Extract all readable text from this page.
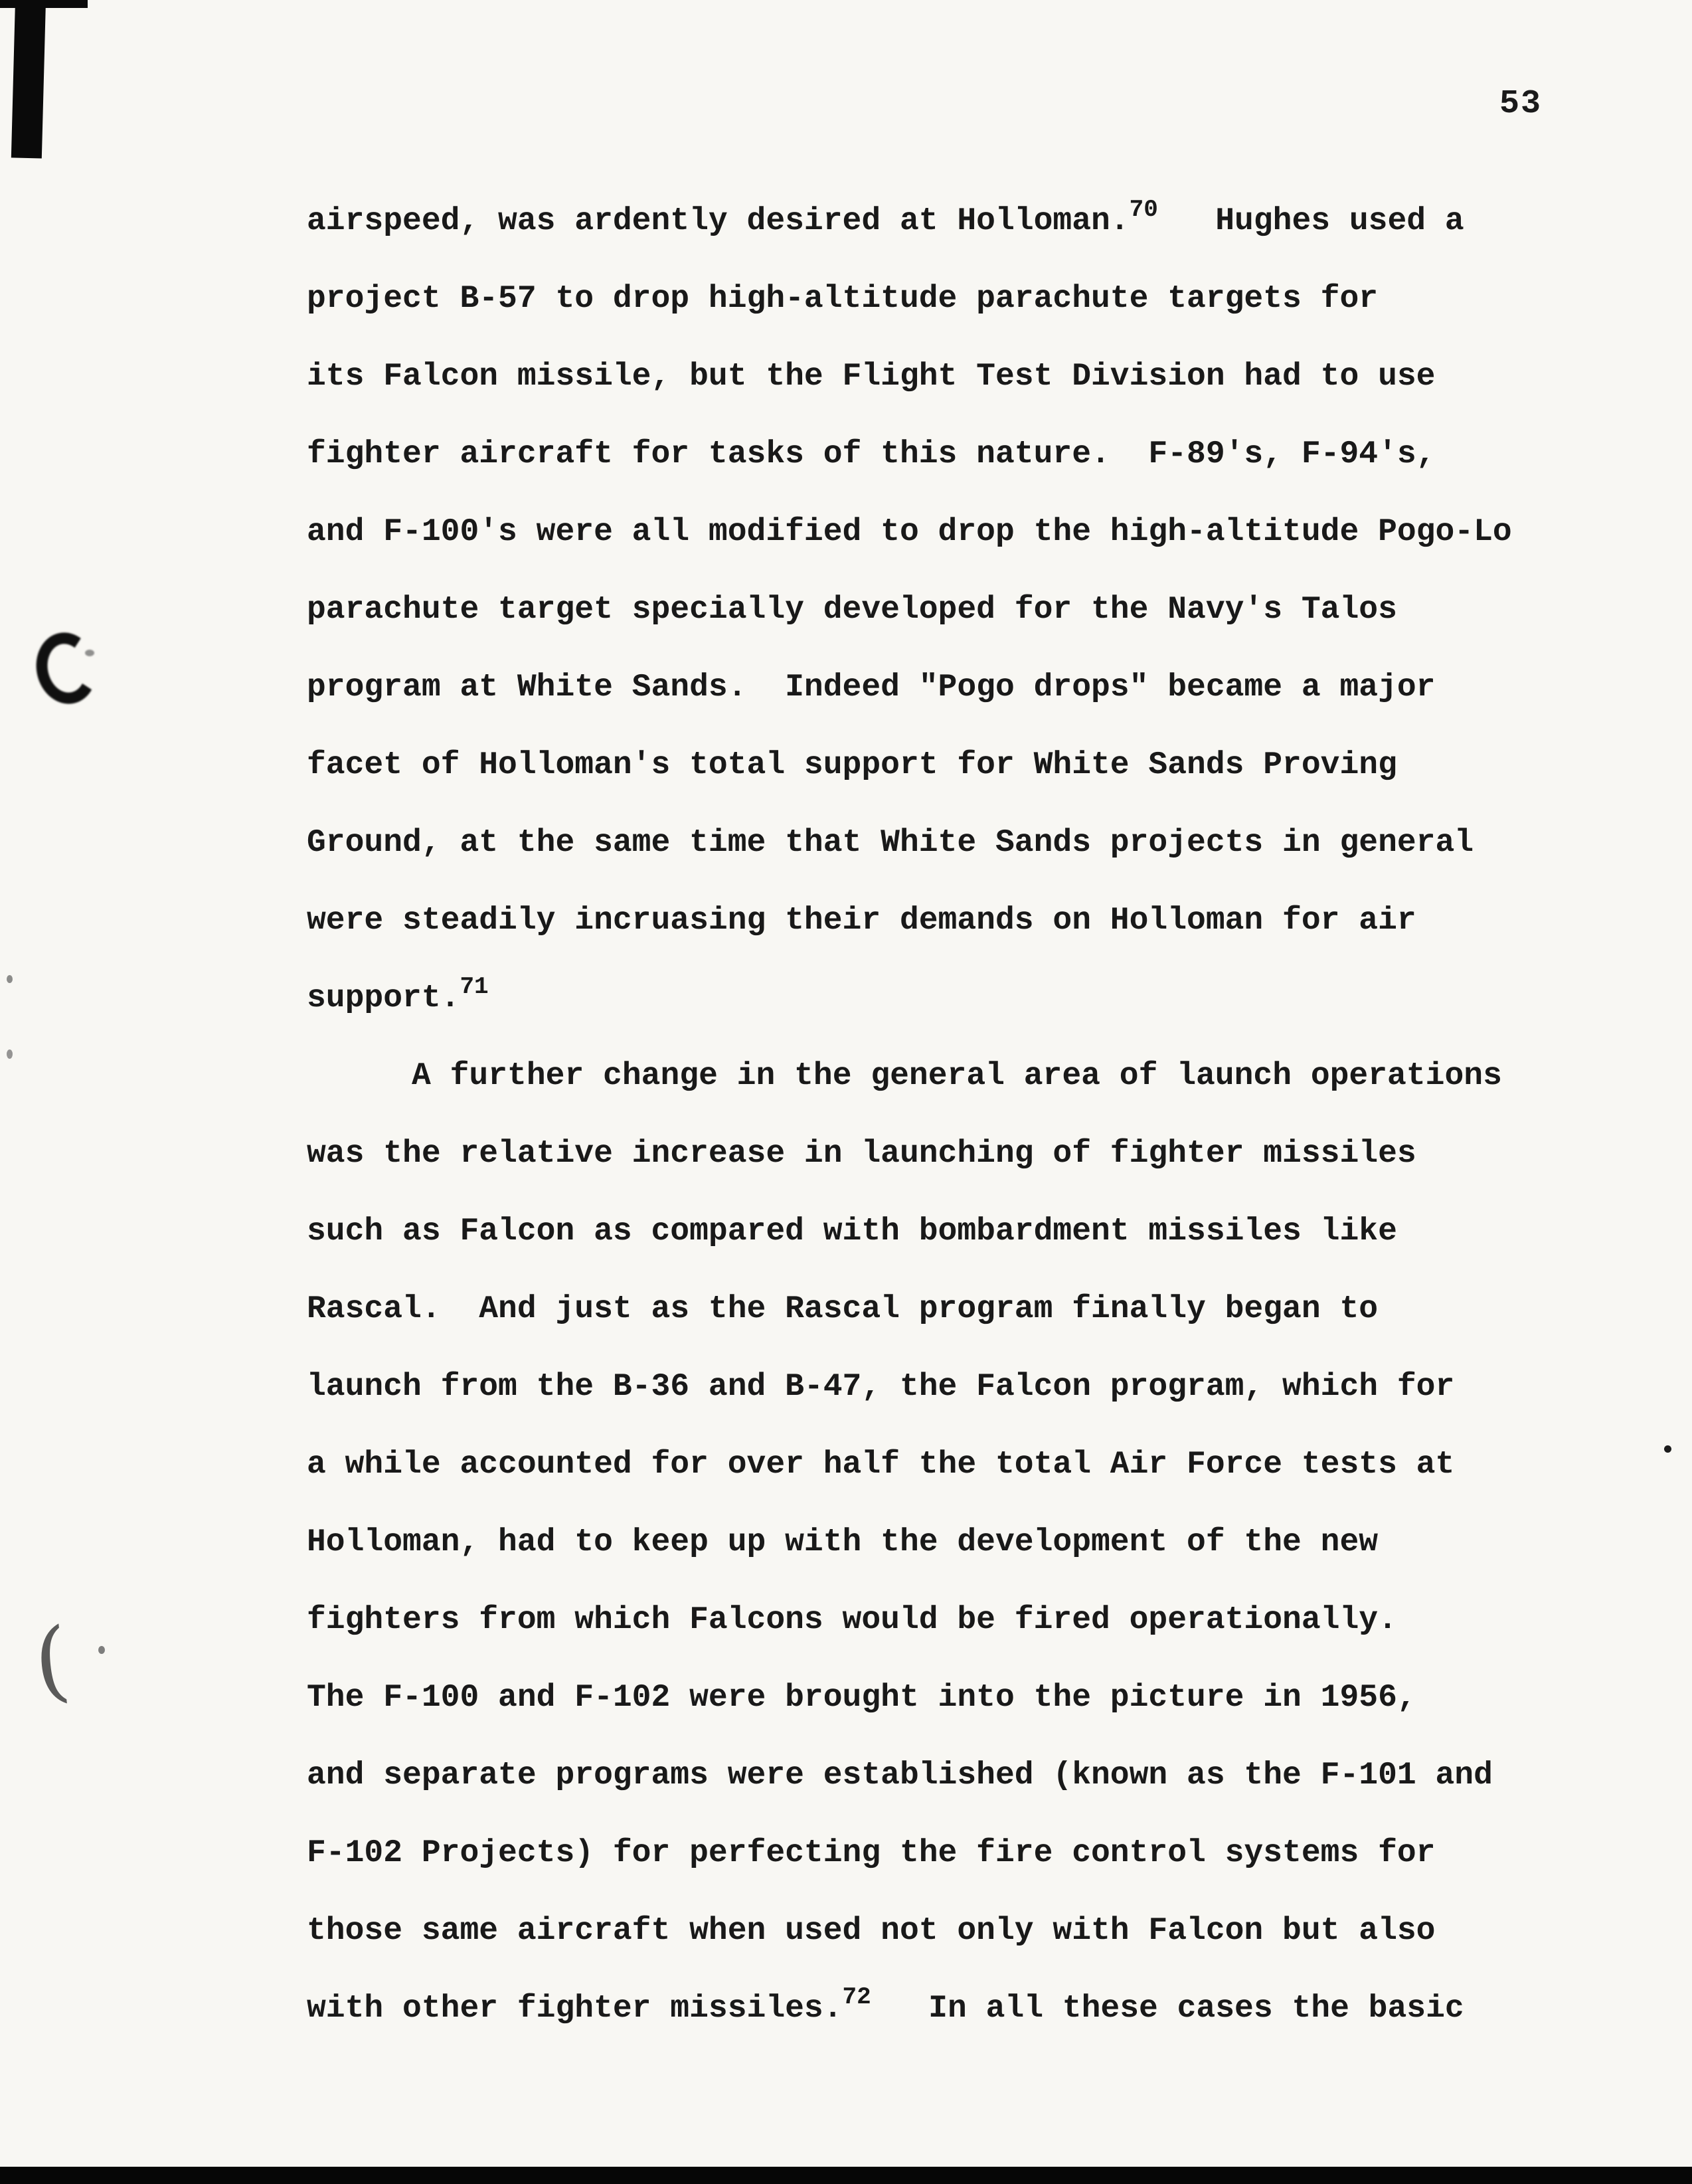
(
53
airspeed, was ardently desired at Holloman.$^{70}$   Hughes used a
project B-57 to drop high-altitude parachute targets for
its Falcon missile, but the Flight Test Division had to use
fighter aircraft for tasks of this nature.  F-89's, F-94's,
and F-100's were all modified to drop the high-altitude Pogo-Lo
parachute target specially developed for the Navy's Talos
program at White Sands.  Indeed "Pogo drops" became a major
facet of Holloman's total support for White Sands Proving
Ground, at the same time that White Sands projects in general
were steadily incruasing their demands on Holloman for air
support.$^{71}$
A further change in the general area of launch operations
was the relative increase in launching of fighter missiles
such as Falcon as compared with bombardment missiles like
Rascal.  And just as the Rascal program finally began to
launch from the B-36 and B-47, the Falcon program, which for
a while accounted for over half the total Air Force tests at
Holloman, had to keep up with the development of the new
fighters from which Falcons would be fired operationally.
The F-100 and F-102 were brought into the picture in 1956,
and separate programs were established (known as the F-101 and
F-102 Projects) for perfecting the fire control systems for
those same aircraft when used not only with Falcon but also
with other fighter missiles.$^{72}$   In all these cases the basic
